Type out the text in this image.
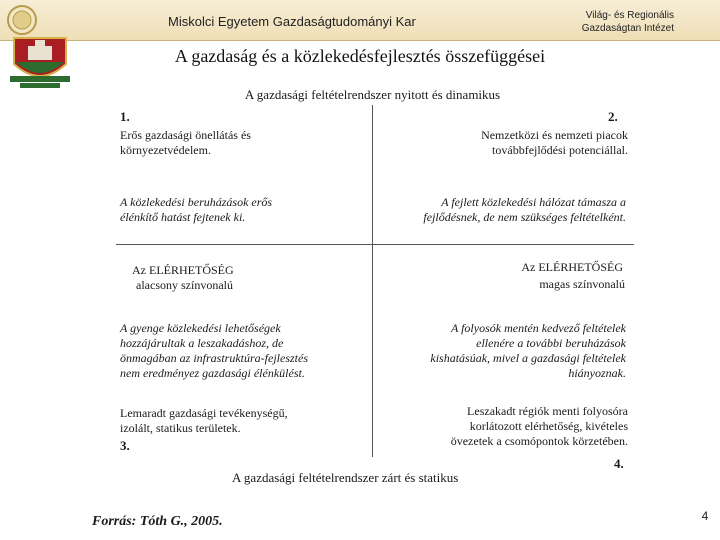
Miskolci Egyetem Gazdaságtudományi Kar	Világ- és Regionális
Gazdaságtan Intézet
A gazdaság és a közlekedésfejlesztés összefüggései
A gazdasági feltételrendszer nyitott és dinamikus
1.
Erős gazdasági önellátás és
környezetvédelem.
A közlekedési beruházások erős
élénkítő hatást fejtenek ki.
2.
Nemzetközi és nemzeti piacok
továbbfejlődési potenciállal.
A fejlett közlekedési hálózat támasza a
fejlődésnek, de nem szükséges feltételként.
Az ELÉRHETŐSÉG
alacsony színvonalú
Az ELÉRHETŐSÉG
magas színvonalú
A gyenge közlekedési lehetőségek
hozzájárultak a leszakadáshoz, de
önmagában az infrastruktúra-fejlesztés
nem eredményez gazdasági élénkülést.
Lemaradt gazdasági tevékenységű,
izolált, statikus területek.
3.
A folyosók mentén kedvező feltételek
ellenére a további beruházások
kishatásúak, mivel a gazdasági feltételek
hiányoznak.
Leszakadt régiók menti folyosóra
korlátozott elérhetőség, kivételes
övezetek a csomópontok körzetében.
4.
A gazdasági feltételrendszer zárt és statikus
Forrás: Tóth G., 2005.	4
